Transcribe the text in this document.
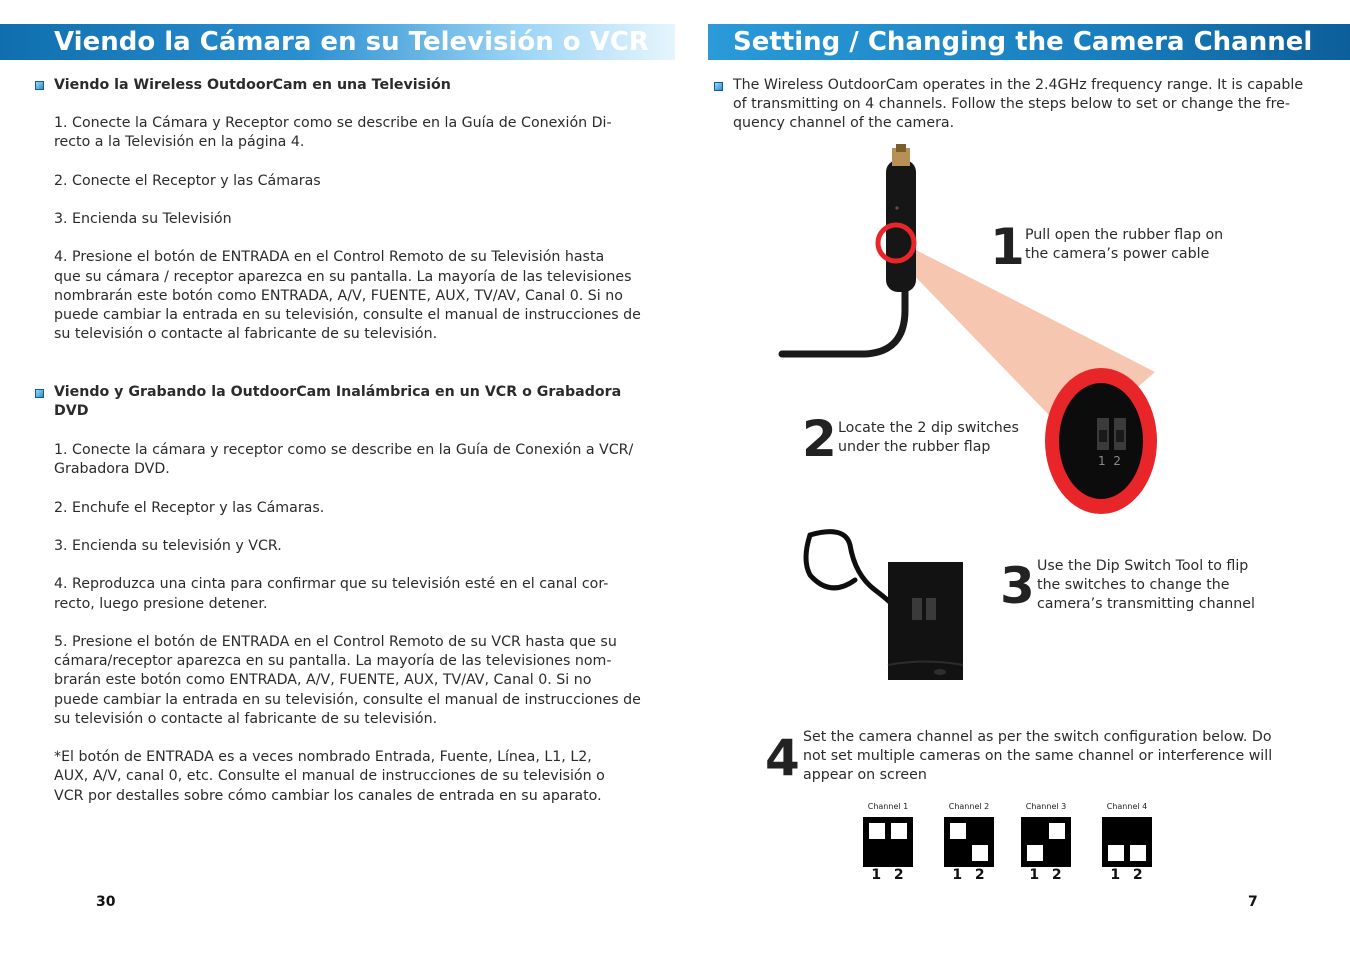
Viendo la Cámara en su Televisión o VCR	Setting / Changing the Camera Channel
Viendo la Wireless OutdoorCam en una Televisión
1. Conecte la Cámara y Receptor como se describe en la Guía de Conexión Di-
recto a la Televisión en la página 4.
2. Conecte el Receptor y las Cámaras
3. Encienda su Televisión
4. Presione el botón de ENTRADA en el Control Remoto de su Televisión hasta
que su cámara / receptor aparezca en su pantalla. La mayoría de las televisiones
nombrarán este botón como ENTRADA, A/V, FUENTE, AUX, TV/AV, Canal 0. Si no
puede cambiar la entrada en su televisión, consulte el manual de instrucciones de
su televisión o contacte al fabricante de su televisión.
Viendo y Grabando la OutdoorCam Inalámbrica en un VCR o Grabadora
DVD
1. Conecte la cámara y receptor como se describe en la Guía de Conexión a VCR/
Grabadora DVD.
2. Enchufe el Receptor y las Cámaras.
3. Encienda su televisión y VCR.
4. Reproduzca una cinta para confirmar que su televisión esté en el canal cor-
recto, luego presione detener.
5. Presione el botón de ENTRADA en el Control Remoto de su VCR hasta que su
cámara/receptor aparezca en su pantalla. La mayoría de las televisiones nom-
brarán este botón como ENTRADA, A/V, FUENTE, AUX, TV/AV, Canal 0. Si no
puede cambiar la entrada en su televisión, consulte el manual de instrucciones de
su televisión o contacte al fabricante de su televisión.
*El botón de ENTRADA es a veces nombrado Entrada, Fuente, Línea, L1, L2,
AUX, A/V, canal 0, etc. Consulte el manual de instrucciones de su televisión o
VCR por destalles sobre cómo cambiar los canales de entrada en su aparato.
30
The Wireless OutdoorCam operates in the 2.4GHz frequency range. It is capable
of transmitting on 4 channels. Follow the steps below to set or change the fre-
quency channel of the camera.
1  2
1 Pull open the rubber flap on
the camera’s power cable
2 Locate the 2 dip switches
under the rubber flap
3 Use the Dip Switch Tool to flip
the switches to change the
camera’s transmitting channel
4 Set the camera channel as per the switch configuration below. Do
not set multiple cameras on the same channel or interference will
appear on screen
Channel 1
1  2
Channel 2
1  2
Channel 3
1  2
Channel 4
1  2
7
